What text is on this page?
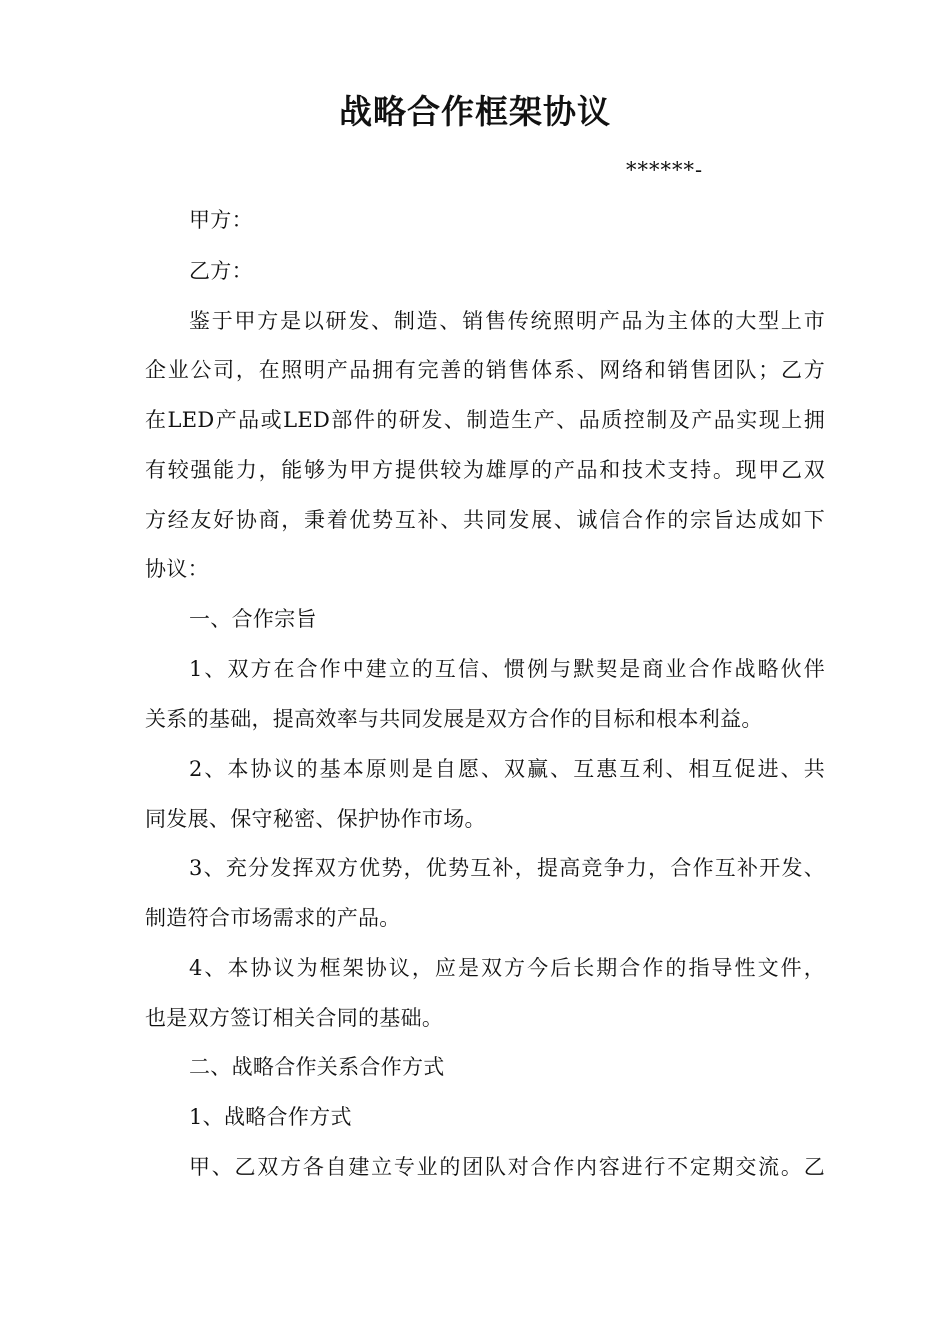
战略合作框架协议
******-
甲方：
乙方：
鉴于甲方是以研发、制造、销售传统照明产品为主体的大型上市
企业公司，在照明产品拥有完善的销售体系、网络和销售团队；乙方
在LED产品或LED部件的研发、制造生产、品质控制及产品实现上拥
有较强能力，能够为甲方提供较为雄厚的产品和技术支持。现甲乙双
方经友好协商，秉着优势互补、共同发展、诚信合作的宗旨达成如下
协议：
一、合作宗旨
1、双方在合作中建立的互信、惯例与默契是商业合作战略伙伴
关系的基础，提高效率与共同发展是双方合作的目标和根本利益。
2、本协议的基本原则是自愿、双赢、互惠互利、相互促进、共
同发展、保守秘密、保护协作市场。
3、充分发挥双方优势，优势互补，提高竞争力，合作互补开发、
制造符合市场需求的产品。
4、本协议为框架协议，应是双方今后长期合作的指导性文件，
也是双方签订相关合同的基础。
二、战略合作关系合作方式
1、战略合作方式
甲、乙双方各自建立专业的团队对合作内容进行不定期交流。乙
